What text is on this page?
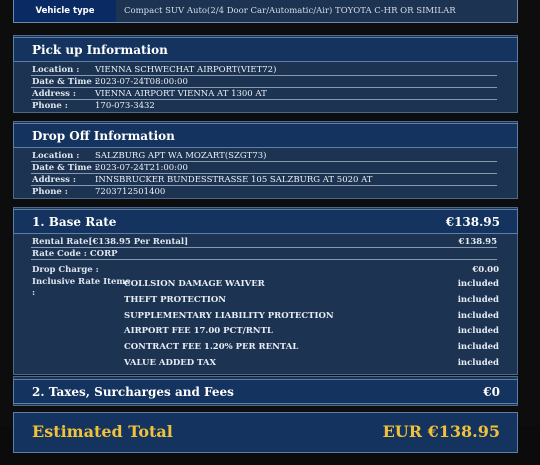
Vehicle type	Compact SUV Auto(2/4 Door Car/Automatic/Air) TOYOTA C-HR OR SIMILAR
Pick up Information
Location : VIENNA SCHWECHAT AIRPORT(VIET72)
Date & Time :
2023-07-24T08:00:00
Address : VIENNA AIRPORT VIENNA AT 1300 AT
Phone :	170-073-3432
Drop Off Information
Location : SALZBURG APT WA MOZART(SZGT73)
Date & Time :
2023-07-24T21:00:00
Address : INNSBRUCKER BUNDESSTRASSE 105 SALZBURG AT 5020 AT
Phone :	7203712501400
1. Base Rate	€138.95
Rental Rate[€138.95 Per Rental]	€138.95
Rate Code : CORP
Drop Charge :	€0.00
Inclusive Rate Items
:
COLLSION DAMAGE WAIVER	included
THEFT PROTECTION	included
SUPPLEMENTARY LIABILITY PROTECTION	included
AIRPORT FEE 17.00 PCT/RNTL	included
CONTRACT FEE 1.20% PER RENTAL	included
VALUE ADDED TAX	included
2. Taxes, Surcharges and Fees	€0
Estimated Total	EUR €138.95
